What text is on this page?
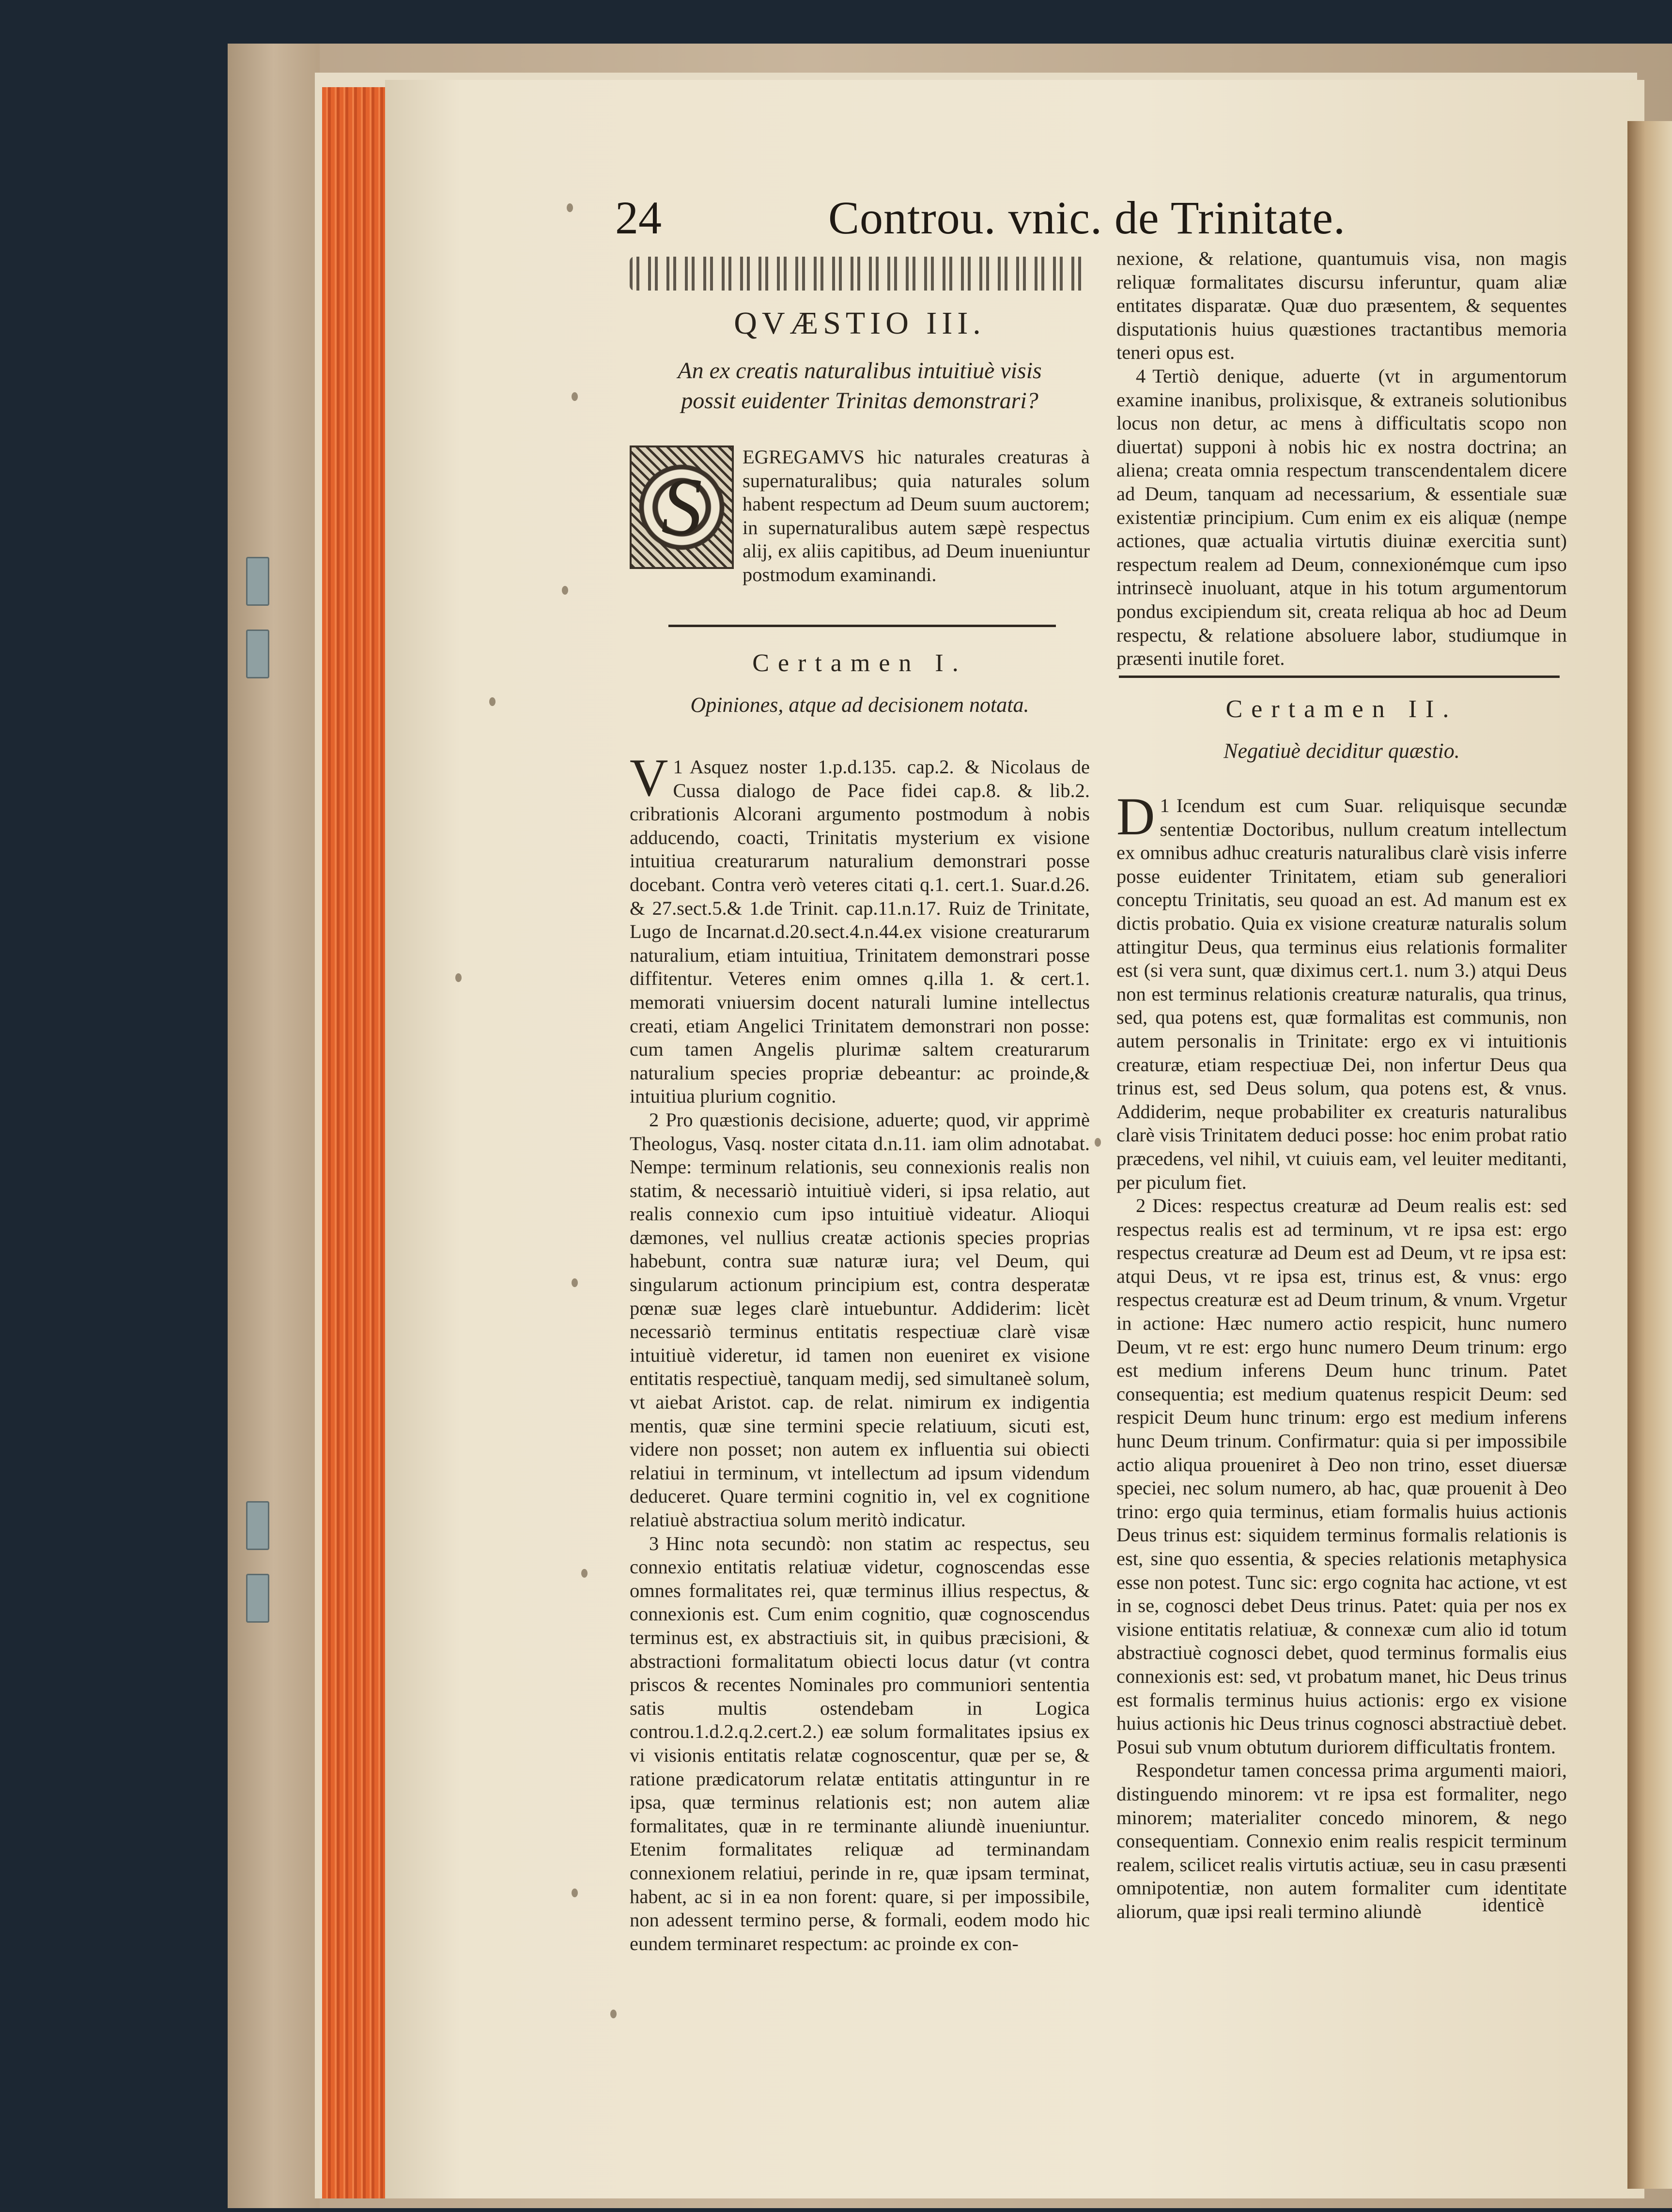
24	Controu. vnic. de Trinitate.
QVÆSTIO III.
An ex creatis naturalibus intuitiuè visis
possit euidenter Trinitas demonstrari?
S

EGREGAMVS hic naturales creaturas à supernaturalibus; quia naturales solum habent respectum ad Deum suum auctorem; in supernaturalibus autem sæpè respectus alij, ex aliis capitibus, ad Deum inueniuntur postmodum examinandi.

Certamen I.
Opiniones, atque ad decisionem notata.

1
V Asquez noster 1.p.d.135. cap.2. & Nicolaus de Cussa dialogo de Pace fidei cap.8. & lib.2. cribrationis Alcorani argumento postmodum à nobis adducendo, coacti, Trinitatis mysterium ex visione intuitiua creaturarum naturalium demonstrari posse docebant. Contra verò veteres citati q.1. cert.1. Suar.d.26. & 27.sect.5.& 1.de Trinit. cap.11.n.17. Ruiz de Trinitate, Lugo de Incarnat.d.20.sect.4.n.44.ex visione creaturarum naturalium, etiam intuitiua, Trinitatem demonstrari posse diffitentur. Veteres enim omnes q.illa 1. & cert.1. memorati vniuersim docent naturali lumine intellectus creati, etiam Angelici Trinitatem demonstrari non posse: cum tamen Angelis plurimæ saltem creaturarum naturalium species propriæ debeantur: ac proinde,& intuitiua plurium cognitio.

2 Pro quæstionis decisione, aduerte; quod, vir apprimè Theologus, Vasq. noster citata d.n.11. iam olim adnotabat. Nempe: terminum relationis, seu connexionis realis non statim, & necessariò intuitiuè videri, si ipsa relatio, aut realis connexio cum ipso intuitiuè videatur. Alioqui dæmones, vel nullius creatæ actionis species proprias habebunt, contra suæ naturæ iura; vel Deum, qui singularum actionum principium est, contra desperatæ pœnæ suæ leges clarè intuebuntur. Addiderim: licèt necessariò terminus entitatis respectiuæ clarè visæ intuitiuè videretur, id tamen non eueniret ex visione entitatis respectiuè, tanquam medij, sed simultaneè solum, vt aiebat Aristot. cap. de relat. nimirum ex indigentia mentis, quæ sine termini specie relatiuum, sicuti est, videre non posset; non autem ex influentia sui obiecti relatiui in terminum, vt intellectum ad ipsum videndum deduceret. Quare termini cognitio in, vel ex cognitione relatiuè abstractiua solum meritò indicatur.

3 Hinc nota secundò: non statim ac respectus, seu connexio entitatis relatiuæ videtur, cognoscendas esse omnes formalitates rei, quæ terminus illius respectus, & connexionis est. Cum enim cognitio, quæ cognoscendus terminus est, ex abstractiuis sit, in quibus præcisioni, & abstractioni formalitatum obiecti locus datur (vt contra priscos & recentes Nominales pro communiori sententia satis multis ostendebam in Logica controu.1.d.2.q.2.cert.2.) eæ solum formalitates ipsius ex vi visionis entitatis relatæ cognoscentur, quæ per se, & ratione prædicatorum relatæ entitatis attinguntur in re ipsa, quæ terminus relationis est; non autem aliæ formalitates, quæ in re terminante aliundè inueniuntur. Etenim formalitates reliquæ ad terminandam connexionem relatiui, perinde in re, quæ ipsam terminat, habent, ac si in ea non forent: quare, si per impossibile, non adessent termino perse, & formali, eodem modo hic eundem terminaret respectum: ac proinde ex con-

nexione, & relatione, quantumuis visa, non magis reliquæ formalitates discursu inferuntur, quam aliæ entitates disparatæ. Quæ duo præsentem, & sequentes disputationis huius quæstiones tractantibus memoria teneri opus est.

4 Tertiò denique, aduerte (vt in argumentorum examine inanibus, prolixisque, & extraneis solutionibus locus non detur, ac mens à difficultatis scopo non diuertat) supponi à nobis hic ex nostra doctrina; an aliena; creata omnia respectum transcendentalem dicere ad Deum, tanquam ad necessarium, & essentiale suæ existentiæ principium. Cum enim ex eis aliquæ (nempe actiones, quæ actualia virtutis diuinæ exercitia sunt) respectum realem ad Deum, connexionémque cum ipso intrinsecè inuoluant, atque in his totum argumentorum pondus excipiendum sit, creata reliqua ab hoc ad Deum respectu, & relatione absoluere labor, studiumque in præsenti inutile foret.

Certamen II.
Negatiuè deciditur quæstio.

1
D Icendum est cum Suar. reliquisque secundæ sententiæ Doctoribus, nullum creatum intellectum ex omnibus adhuc creaturis naturalibus clarè visis inferre posse euidenter Trinitatem, etiam sub generaliori conceptu Trinitatis, seu quoad an est. Ad manum est ex dictis probatio. Quia ex visione creaturæ naturalis solum attingitur Deus, qua terminus eius relationis formaliter est (si vera sunt, quæ diximus cert.1. num 3.) atqui Deus non est terminus relationis creaturæ naturalis, qua trinus, sed, qua potens est, quæ formalitas est communis, non autem personalis in Trinitate: ergo ex vi intuitionis creaturæ, etiam respectiuæ Dei, non infertur Deus qua trinus est, sed Deus solum, qua potens est, & vnus. Addiderim, neque probabiliter ex creaturis naturalibus clarè visis Trinitatem deduci posse: hoc enim probat ratio præcedens, vel nihil, vt cuiuis eam, vel leuiter meditanti, per piculum fiet.

2 Dices: respectus creaturæ ad Deum realis est: sed respectus realis est ad terminum, vt re ipsa est: ergo respectus creaturæ ad Deum est ad Deum, vt re ipsa est: atqui Deus, vt re ipsa est, trinus est, & vnus: ergo respectus creaturæ est ad Deum trinum, & vnum. Vrgetur in actione: Hæc numero actio respicit, hunc numero Deum, vt re est: ergo hunc numero Deum trinum: ergo est medium inferens Deum hunc trinum. Patet consequentia; est medium quatenus respicit Deum: sed respicit Deum hunc trinum: ergo est medium inferens hunc Deum trinum. Confirmatur: quia si per impossibile actio aliqua proueniret à Deo non trino, esset diuersæ speciei, nec solum numero, ab hac, quæ prouenit à Deo trino: ergo quia terminus, etiam formalis huius actionis Deus trinus est: siquidem terminus formalis relationis is est, sine quo essentia, & species relationis metaphysica esse non potest. Tunc sic: ergo cognita hac actione, vt est in se, cognosci debet Deus trinus. Patet: quia per nos ex visione entitatis relatiuæ, & connexæ cum alio id totum abstractiuè cognosci debet, quod terminus formalis eius connexionis est: sed, vt probatum manet, hic Deus trinus est formalis terminus huius actionis: ergo ex visione huius actionis hic Deus trinus cognosci abstractiuè debet. Posui sub vnum obtutum duriorem difficultatis frontem.

Respondetur tamen concessa prima argumenti maiori, distinguendo minorem: vt re ipsa est formaliter, nego minorem; materialiter concedo minorem, & nego consequentiam. Connexio enim realis respicit terminum realem, scilicet realis virtutis actiuæ, seu in casu præsenti omnipotentiæ, non autem formaliter cum identitate aliorum, quæ ipsi reali termino aliundè	identicè
